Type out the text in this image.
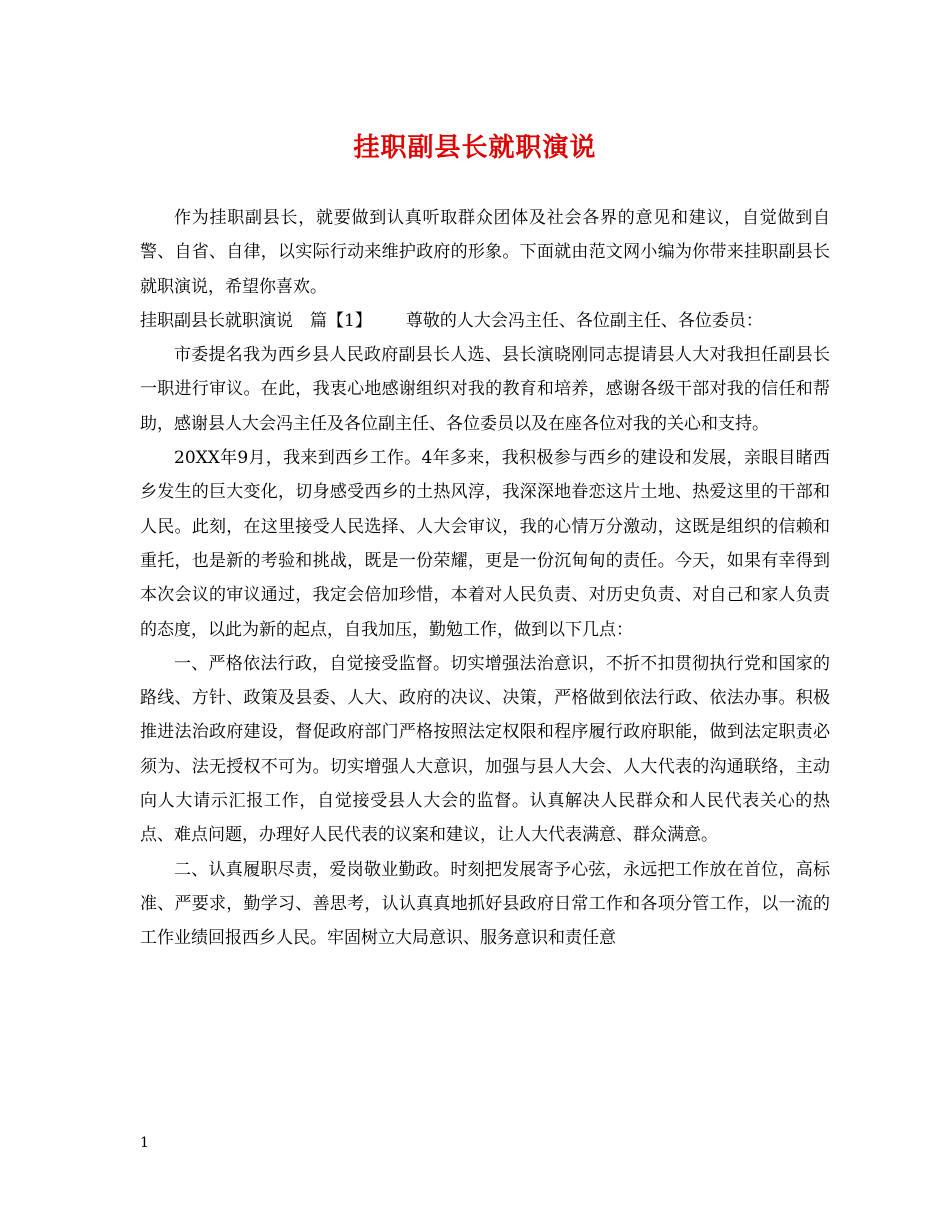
挂职副县长就职演说

作为挂职副县长，就要做到认真听取群众团体及社会各界的意见和建议，自觉做到自警、自省、自律，以实际行动来维护政府的形象。下面就由范文网小编为你带来挂职副县长就职演说，希望你喜欢。

挂职副县长就职演说　篇【1】 尊敬的人大会冯主任、各位副主任、各位委员：

市委提名我为西乡县人民政府副县长人选、县长演晓刚同志提请县人大对我担任副县长一职进行审议。在此，我衷心地感谢组织对我的教育和培养，感谢各级干部对我的信任和帮助，感谢县人大会冯主任及各位副主任、各位委员以及在座各位对我的关心和支持。

20XX年9月，我来到西乡工作。4年多来，我积极参与西乡的建设和发展，亲眼目睹西乡发生的巨大变化，切身感受西乡的土热风淳，我深深地眷恋这片土地、热爱这里的干部和人民。此刻，在这里接受人民选择、人大会审议，我的心情万分激动，这既是组织的信赖和重托，也是新的考验和挑战，既是一份荣耀，更是一份沉甸甸的责任。今天，如果有幸得到本次会议的审议通过，我定会倍加珍惜，本着对人民负责、对历史负责、对自己和家人负责的态度，以此为新的起点，自我加压，勤勉工作，做到以下几点：

一、严格依法行政，自觉接受监督。切实增强法治意识，不折不扣贯彻执行党和国家的路线、方针、政策及县委、人大、政府的决议、决策，严格做到依法行政、依法办事。积极推进法治政府建设，督促政府部门严格按照法定权限和程序履行政府职能，做到法定职责必须为、法无授权不可为。切实增强人大意识，加强与县人大会、人大代表的沟通联络，主动向人大请示汇报工作，自觉接受县人大会的监督。认真解决人民群众和人民代表关心的热点、难点问题，办理好人民代表的议案和建议，让人大代表满意、群众满意。

二、认真履职尽责，爱岗敬业勤政。时刻把发展寄予心弦，永远把工作放在首位，高标准、严要求，勤学习、善思考，认认真真地抓好县政府日常工作和各项分管工作，以一流的工作业绩回报西乡人民。牢固树立大局意识、服务意识和责任意

1
